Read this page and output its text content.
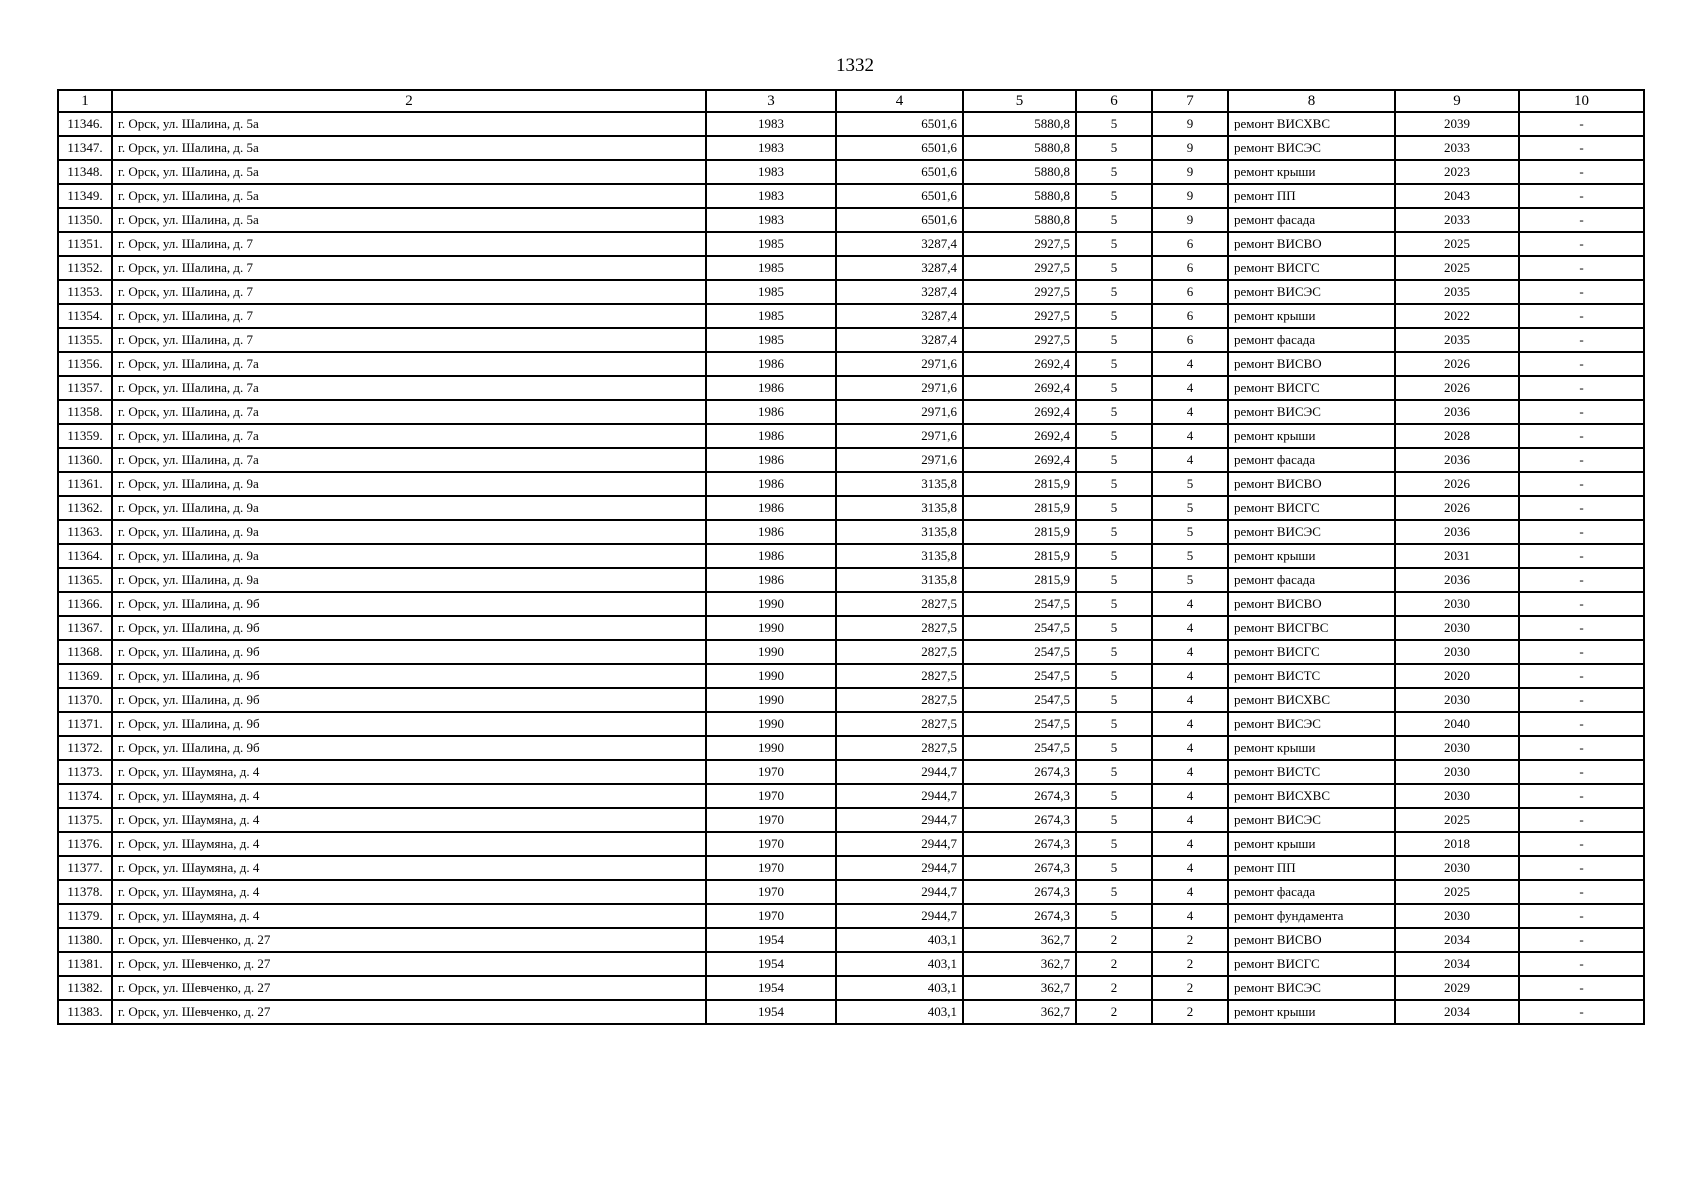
1332
1	2	3	4	5	6	7	8	9	10
11346.	г. Орск, ул. Шалина, д. 5а	1983	6501,6	5880,8	5	9	ремонт ВИСХВС	2039	-
11347.	г. Орск, ул. Шалина, д. 5а	1983	6501,6	5880,8	5	9	ремонт ВИСЭС	2033	-
11348.	г. Орск, ул. Шалина, д. 5а	1983	6501,6	5880,8	5	9	ремонт крыши	2023	-
11349.	г. Орск, ул. Шалина, д. 5а	1983	6501,6	5880,8	5	9	ремонт ПП	2043	-
11350.	г. Орск, ул. Шалина, д. 5а	1983	6501,6	5880,8	5	9	ремонт фасада	2033	-
11351.	г. Орск, ул. Шалина, д. 7	1985	3287,4	2927,5	5	6	ремонт ВИСВО	2025	-
11352.	г. Орск, ул. Шалина, д. 7	1985	3287,4	2927,5	5	6	ремонт ВИСГС	2025	-
11353.	г. Орск, ул. Шалина, д. 7	1985	3287,4	2927,5	5	6	ремонт ВИСЭС	2035	-
11354.	г. Орск, ул. Шалина, д. 7	1985	3287,4	2927,5	5	6	ремонт крыши	2022	-
11355.	г. Орск, ул. Шалина, д. 7	1985	3287,4	2927,5	5	6	ремонт фасада	2035	-
11356.	г. Орск, ул. Шалина, д. 7а	1986	2971,6	2692,4	5	4	ремонт ВИСВО	2026	-
11357.	г. Орск, ул. Шалина, д. 7а	1986	2971,6	2692,4	5	4	ремонт ВИСГС	2026	-
11358.	г. Орск, ул. Шалина, д. 7а	1986	2971,6	2692,4	5	4	ремонт ВИСЭС	2036	-
11359.	г. Орск, ул. Шалина, д. 7а	1986	2971,6	2692,4	5	4	ремонт крыши	2028	-
11360.	г. Орск, ул. Шалина, д. 7а	1986	2971,6	2692,4	5	4	ремонт фасада	2036	-
11361.	г. Орск, ул. Шалина, д. 9а	1986	3135,8	2815,9	5	5	ремонт ВИСВО	2026	-
11362.	г. Орск, ул. Шалина, д. 9а	1986	3135,8	2815,9	5	5	ремонт ВИСГС	2026	-
11363.	г. Орск, ул. Шалина, д. 9а	1986	3135,8	2815,9	5	5	ремонт ВИСЭС	2036	-
11364.	г. Орск, ул. Шалина, д. 9а	1986	3135,8	2815,9	5	5	ремонт крыши	2031	-
11365.	г. Орск, ул. Шалина, д. 9а	1986	3135,8	2815,9	5	5	ремонт фасада	2036	-
11366.	г. Орск, ул. Шалина, д. 9б	1990	2827,5	2547,5	5	4	ремонт ВИСВО	2030	-
11367.	г. Орск, ул. Шалина, д. 9б	1990	2827,5	2547,5	5	4	ремонт ВИСГВС	2030	-
11368.	г. Орск, ул. Шалина, д. 9б	1990	2827,5	2547,5	5	4	ремонт ВИСГС	2030	-
11369.	г. Орск, ул. Шалина, д. 9б	1990	2827,5	2547,5	5	4	ремонт ВИСТС	2020	-
11370.	г. Орск, ул. Шалина, д. 9б	1990	2827,5	2547,5	5	4	ремонт ВИСХВС	2030	-
11371.	г. Орск, ул. Шалина, д. 9б	1990	2827,5	2547,5	5	4	ремонт ВИСЭС	2040	-
11372.	г. Орск, ул. Шалина, д. 9б	1990	2827,5	2547,5	5	4	ремонт крыши	2030	-
11373.	г. Орск, ул. Шаумяна, д. 4	1970	2944,7	2674,3	5	4	ремонт ВИСТС	2030	-
11374.	г. Орск, ул. Шаумяна, д. 4	1970	2944,7	2674,3	5	4	ремонт ВИСХВС	2030	-
11375.	г. Орск, ул. Шаумяна, д. 4	1970	2944,7	2674,3	5	4	ремонт ВИСЭС	2025	-
11376.	г. Орск, ул. Шаумяна, д. 4	1970	2944,7	2674,3	5	4	ремонт крыши	2018	-
11377.	г. Орск, ул. Шаумяна, д. 4	1970	2944,7	2674,3	5	4	ремонт ПП	2030	-
11378.	г. Орск, ул. Шаумяна, д. 4	1970	2944,7	2674,3	5	4	ремонт фасада	2025	-
11379.	г. Орск, ул. Шаумяна, д. 4	1970	2944,7	2674,3	5	4	ремонт фундамента	2030	-
11380.	г. Орск, ул. Шевченко, д. 27	1954	403,1	362,7	2	2	ремонт ВИСВО	2034	-
11381.	г. Орск, ул. Шевченко, д. 27	1954	403,1	362,7	2	2	ремонт ВИСГС	2034	-
11382.	г. Орск, ул. Шевченко, д. 27	1954	403,1	362,7	2	2	ремонт ВИСЭС	2029	-
11383.	г. Орск, ул. Шевченко, д. 27	1954	403,1	362,7	2	2	ремонт крыши	2034	-
